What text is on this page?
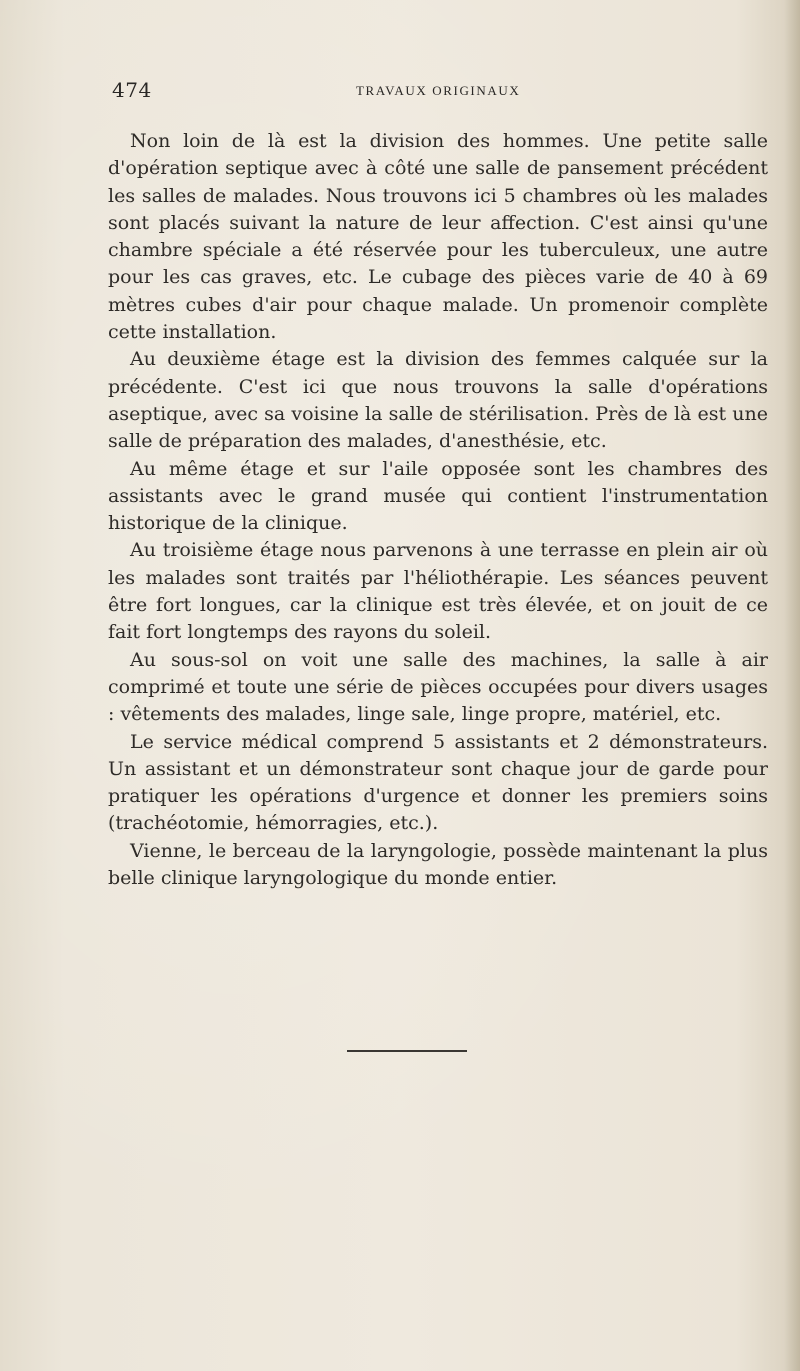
474	TRAVAUX ORIGINAUX

Non loin de là est la division des hommes. Une petite salle d'opération septique avec à côté une salle de pansement précédent les salles de malades. Nous trouvons ici 5 chambres où les malades sont placés suivant la nature de leur affection. C'est ainsi qu'une chambre spéciale a été réservée pour les tuberculeux, une autre pour les cas graves, etc. Le cubage des pièces varie de 40 à 69 mètres cubes d'air pour chaque malade. Un promenoir complète cette installation.

Au deuxième étage est la division des femmes calquée sur la précédente. C'est ici que nous trouvons la salle d'opérations aseptique, avec sa voisine la salle de stérilisation. Près de là est une salle de préparation des malades, d'anesthésie, etc.

Au même étage et sur l'aile opposée sont les chambres des assistants avec le grand musée qui contient l'instrumentation historique de la clinique.

Au troisième étage nous parvenons à une terrasse en plein air où les malades sont traités par l'héliothérapie. Les séances peuvent être fort longues, car la clinique est très élevée, et on jouit de ce fait fort longtemps des rayons du soleil.

Au sous-sol on voit une salle des machines, la salle à air comprimé et toute une série de pièces occupées pour divers usages : vêtements des malades, linge sale, linge propre, matériel, etc.

Le service médical comprend 5 assistants et 2 démonstrateurs. Un assistant et un démonstrateur sont chaque jour de garde pour pratiquer les opérations d'urgence et donner les premiers soins (trachéotomie, hémorragies, etc.).

Vienne, le berceau de la laryngologie, possède maintenant la plus belle clinique laryngologique du monde entier.
